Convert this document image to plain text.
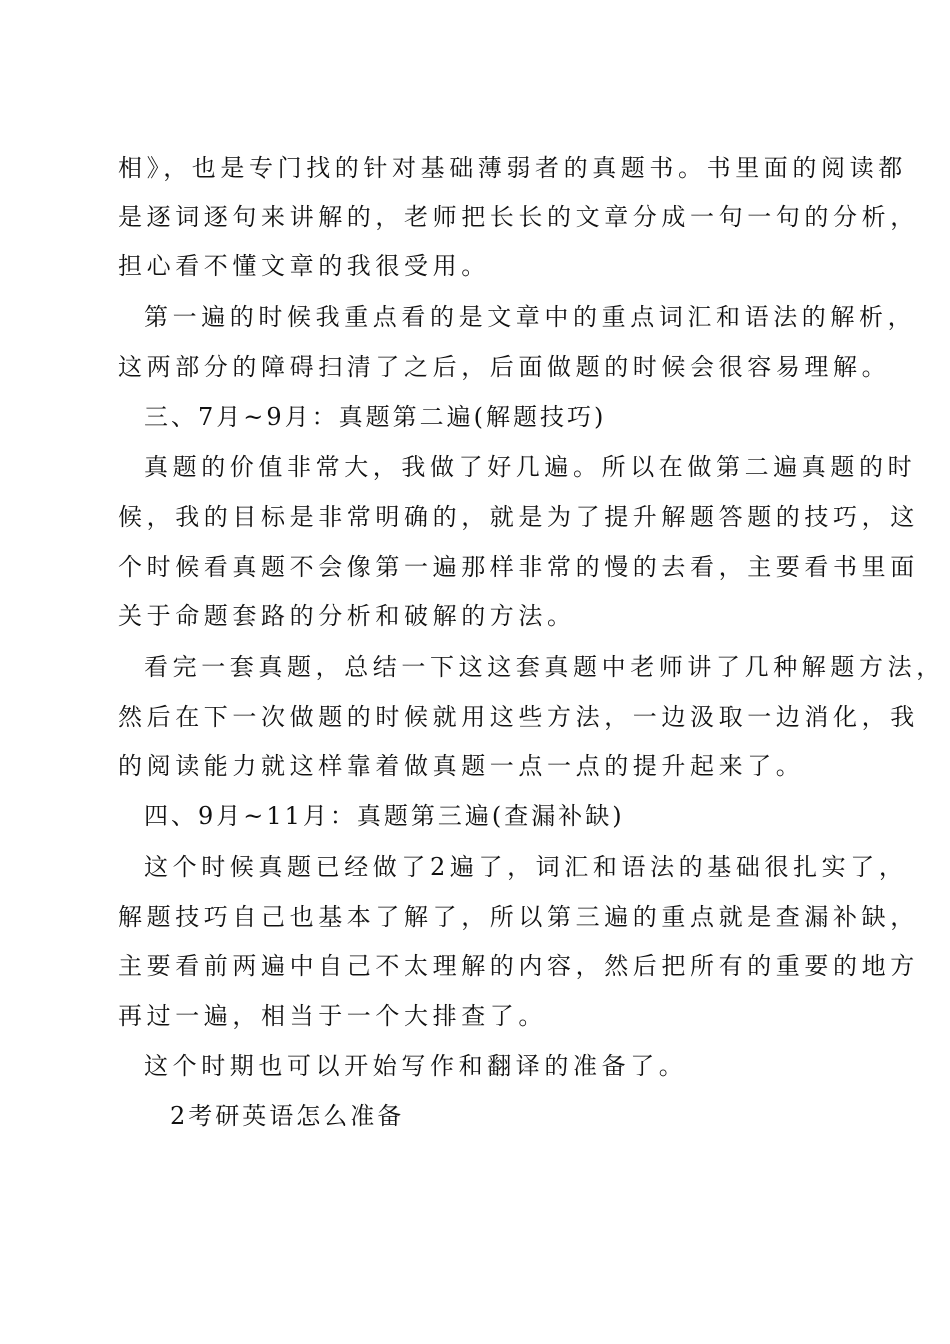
相》，也是专门找的针对基础薄弱者的真题书。书里面的阅读都
是逐词逐句来讲解的，老师把长长的文章分成一句一句的分析，
担心看不懂文章的我很受用。
第一遍的时候我重点看的是文章中的重点词汇和语法的解析，
这两部分的障碍扫清了之后，后面做题的时候会很容易理解。
三、7月~9月：真题第二遍(解题技巧)
真题的价值非常大，我做了好几遍。所以在做第二遍真题的时
候，我的目标是非常明确的，就是为了提升解题答题的技巧，这
个时候看真题不会像第一遍那样非常的慢的去看，主要看书里面
关于命题套路的分析和破解的方法。
看完一套真题，总结一下这这套真题中老师讲了几种解题方法，
然后在下一次做题的时候就用这些方法，一边汲取一边消化，我
的阅读能力就这样靠着做真题一点一点的提升起来了。
四、9月~11月：真题第三遍(查漏补缺)
这个时候真题已经做了2遍了，词汇和语法的基础很扎实了，
解题技巧自己也基本了解了，所以第三遍的重点就是查漏补缺，
主要看前两遍中自己不太理解的内容，然后把所有的重要的地方
再过一遍，相当于一个大排查了。
这个时期也可以开始写作和翻译的准备了。
2考研英语怎么准备
